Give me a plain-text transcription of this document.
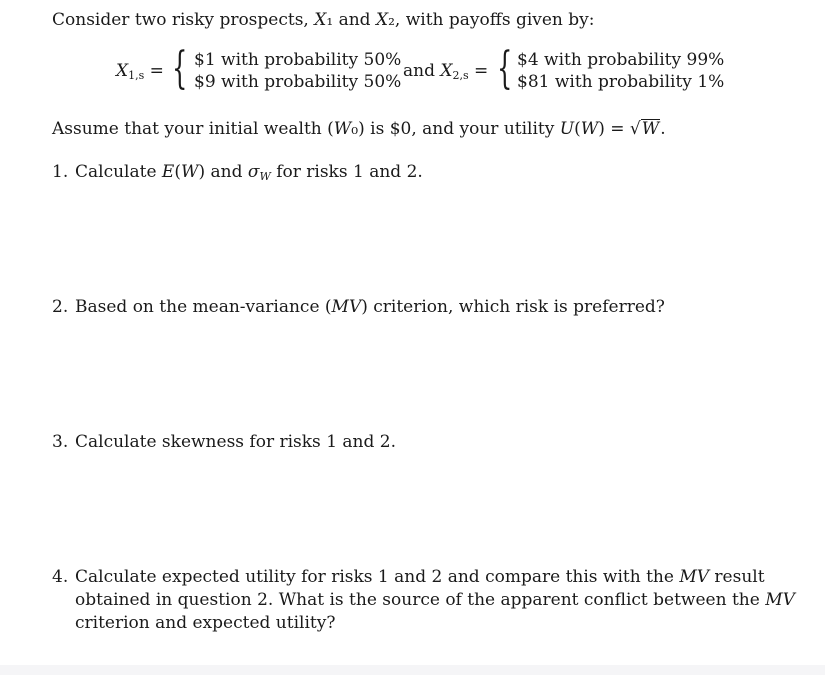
Consider two risky prospects, X₁ and X₂, with payoffs given by:
$X_{1,s}$ = { $1 with probability 50%
$9 with probability 50%
and $X_{2,s}$ = { $4 with probability 99%
$81 with probability 1%
Assume that your initial wealth (W₀) is $0, and your utility U(W) = √W.
1. Calculate E(W) and $\sigma_W$ for risks 1 and 2.
2. Based on the mean-variance (MV) criterion, which risk is preferred?
3. Calculate skewness for risks 1 and 2.
4. Calculate expected utility for risks 1 and 2 and compare this with the MV result obtained in question 2. What is the source of the apparent conflict between the MV criterion and expected utility?
